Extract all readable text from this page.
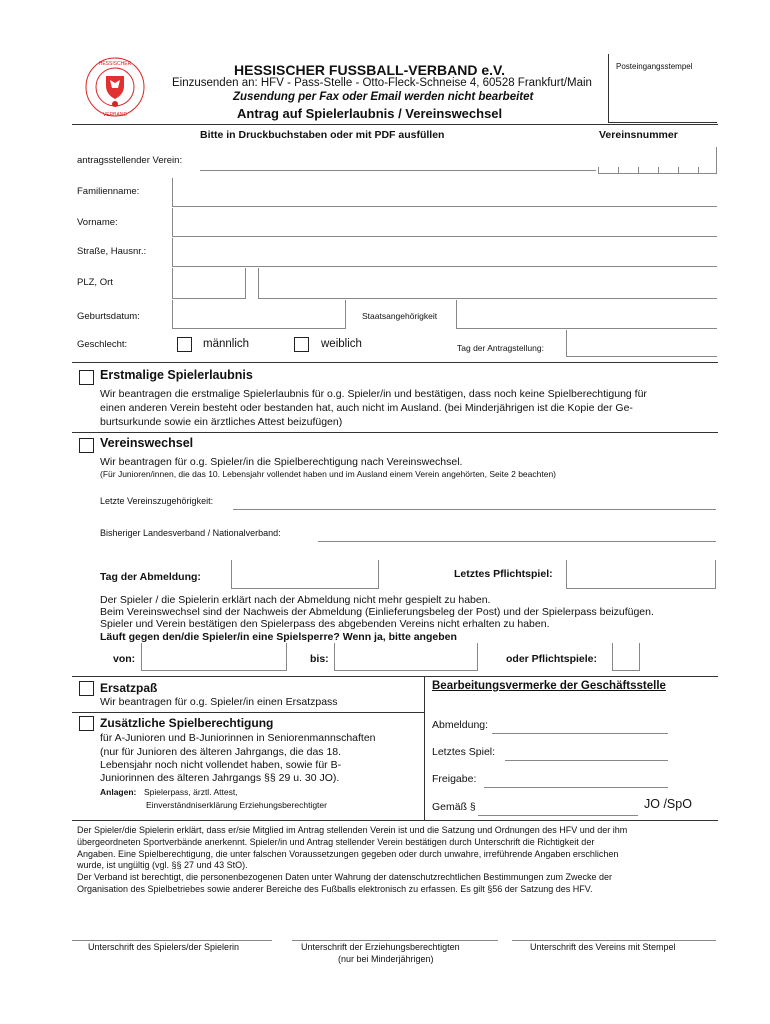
HESSISCHER
VERBAND
HESSISCHER FUSSBALL-VERBAND e.V.
Einzusenden an: HFV - Pass-Stelle - Otto-Fleck-Schneise 4, 60528 Frankfurt/Main
Zusendung per Fax oder Email werden nicht bearbeitet
Antrag auf Spielerlaubnis / Vereinswechsel
Posteingangsstempel
Bitte in Druckbuchstaben oder mit PDF ausfüllen	Vereinsnummer
antragsstellender Verein:
Familienname:
Vorname:
Straße, Hausnr.:
PLZ, Ort
Geburtsdatum:	Staatsangehörigkeit
Geschlecht:	männlich	weiblich	Tag der Antragstellung:
Erstmalige Spielerlaubnis
Wir beantragen die erstmalige Spielerlaubnis für o.g. Spieler/in und bestätigen, dass noch keine Spielberechtigung für
einen anderen Verein besteht oder bestanden hat, auch nicht im Ausland. (bei Minderjährigen ist die Kopie der Ge-
burtsurkunde sowie ein ärztliches Attest beizufügen)
Vereinswechsel
Wir beantragen für o.g. Spieler/in die Spielberechtigung nach Vereinswechsel.
(Für Junioren/innen, die das 10. Lebensjahr vollendet haben und im Ausland einem Verein angehörten, Seite 2 beachten)
Letzte Vereinszugehörigkeit:
Bisheriger Landesverband / Nationalverband:
Tag der Abmeldung:	Letztes Pflichtspiel:
Der Spieler / die Spielerin erklärt nach der Abmeldung nicht mehr gespielt zu haben.
Beim Vereinswechsel sind der Nachweis der Abmeldung (Einlieferungsbeleg der Post) und der Spielerpass beizufügen.
Spieler und Verein bestätigen den Spielerpass des abgebenden Vereins nicht erhalten zu haben.
Läuft gegen den/die Spieler/in eine Spielsperre? Wenn ja, bitte angeben
von:	bis:	oder Pflichtspiele:
Ersatzpaß
Wir beantragen für o.g. Spieler/in einen Ersatzpass
Zusätzliche Spielberechtigung
für A-Junioren und B-Juniorinnen in Seniorenmannschaften
(nur für Junioren des älteren Jahrgangs, die das 18.
Lebensjahr noch nicht vollendet haben, sowie für B-
Juniorinnen des älteren Jahrgangs §§ 29 u. 30 JO).
Anlagen: Spielerpass, ärztl. Attest,
Einverständniserklärung Erziehungsberechtigter
Bearbeitungsvermerke der Geschäftsstelle
Abmeldung:
Letztes Spiel:
Freigabe:
Gemäß §	JO /SpO
Der Spieler/die Spielerin erklärt, dass er/sie Mitglied im Antrag stellenden Verein ist und die Satzung und Ordnungen des HFV und der ihm
übergeordneten Sportverbände anerkennt. Spieler/in und Antrag stellender Verein bestätigen durch Unterschrift die Richtigkeit der
Angaben. Eine Spielberechtigung, die unter falschen Voraussetzungen gegeben oder durch unwahre, irreführende Angaben erschlichen
wurde, ist ungültig (vgl. §§ 27 und 43 StO).
Der Verband ist berechtigt, die personenbezogenen Daten unter Wahrung der datenschutzrechtlichen Bestimmungen zum Zwecke der
Organisation des Spielbetriebes sowie anderer Bereiche des Fußballs elektronisch zu erfassen. Es gilt §56 der Satzung des HFV.
Unterschrift des Spielers/der Spielerin	Unterschrift der Erziehungsberechtigten
(nur bei Minderjährigen)
Unterschrift des Vereins mit Stempel
